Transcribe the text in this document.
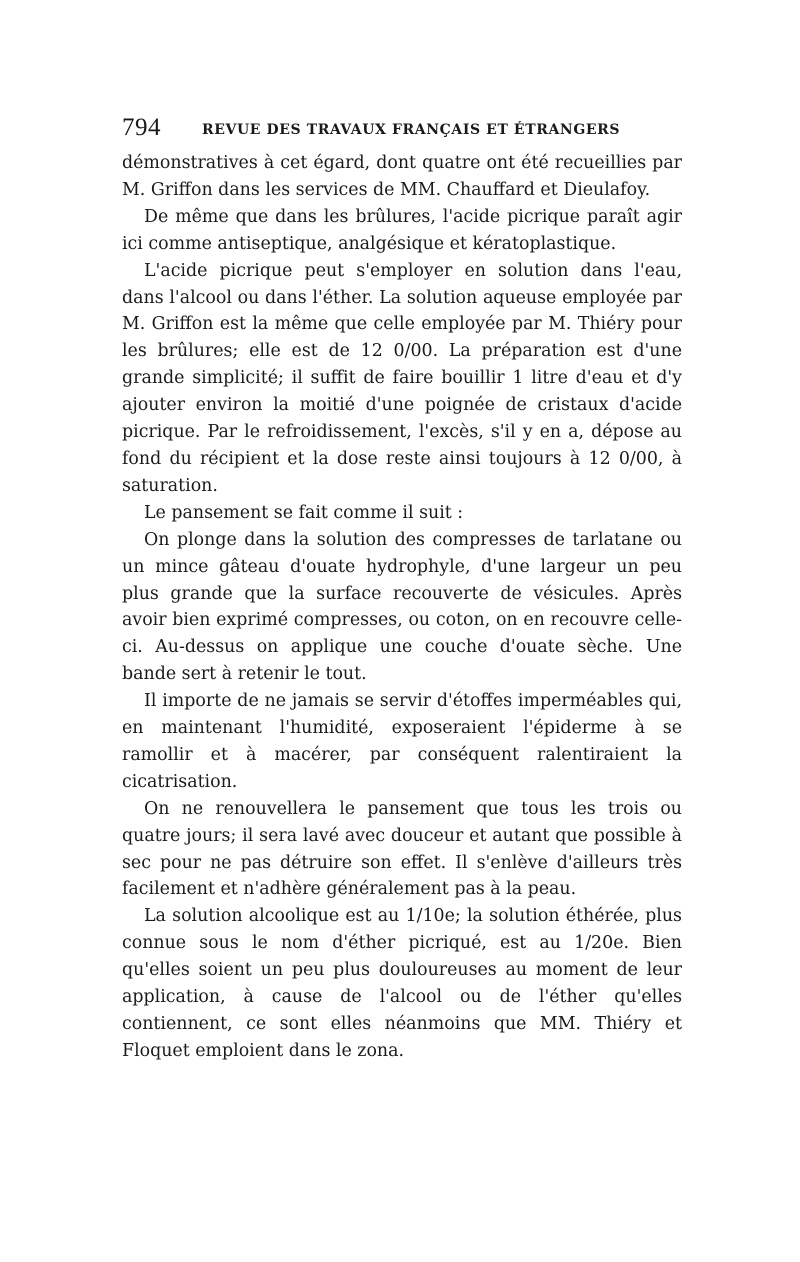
794	REVUE DES TRAVAUX FRANÇAIS ET ÉTRANGERS

démonstratives à cet égard, dont quatre ont été recueillies par M. Griffon dans les services de MM. Chauffard et Dieulafoy.

De même que dans les brûlures, l'acide picrique paraît agir ici comme antiseptique, analgésique et kératoplastique.

L'acide picrique peut s'employer en solution dans l'eau, dans l'alcool ou dans l'éther. La solution aqueuse employée par M. Griffon est la même que celle employée par M. Thiéry pour les brûlures; elle est de 12 0/00. La préparation est d'une grande simplicité; il suffit de faire bouillir 1 litre d'eau et d'y ajouter environ la moitié d'une poignée de cristaux d'acide picrique. Par le refroidissement, l'excès, s'il y en a, dépose au fond du récipient et la dose reste ainsi toujours à 12 0/00, à saturation.

Le pansement se fait comme il suit :

On plonge dans la solution des compresses de tarlatane ou un mince gâteau d'ouate hydrophyle, d'une largeur un peu plus grande que la surface recouverte de vésicules. Après avoir bien exprimé compresses, ou coton, on en recouvre celle-ci. Au-dessus on applique une couche d'ouate sèche. Une bande sert à retenir le tout.

Il importe de ne jamais se servir d'étoffes imperméables qui, en maintenant l'humidité, exposeraient l'épiderme à se ramollir et à macérer, par conséquent ralentiraient la cicatrisation.

On ne renouvellera le pansement que tous les trois ou quatre jours; il sera lavé avec douceur et autant que possible à sec pour ne pas détruire son effet. Il s'enlève d'ailleurs très facilement et n'adhère généralement pas à la peau.

La solution alcoolique est au 1/10e; la solution éthérée, plus connue sous le nom d'éther picriqué, est au 1/20e. Bien qu'elles soient un peu plus douloureuses au moment de leur application, à cause de l'alcool ou de l'éther qu'elles contiennent, ce sont elles néanmoins que MM. Thiéry et Floquet emploient dans le zona.
